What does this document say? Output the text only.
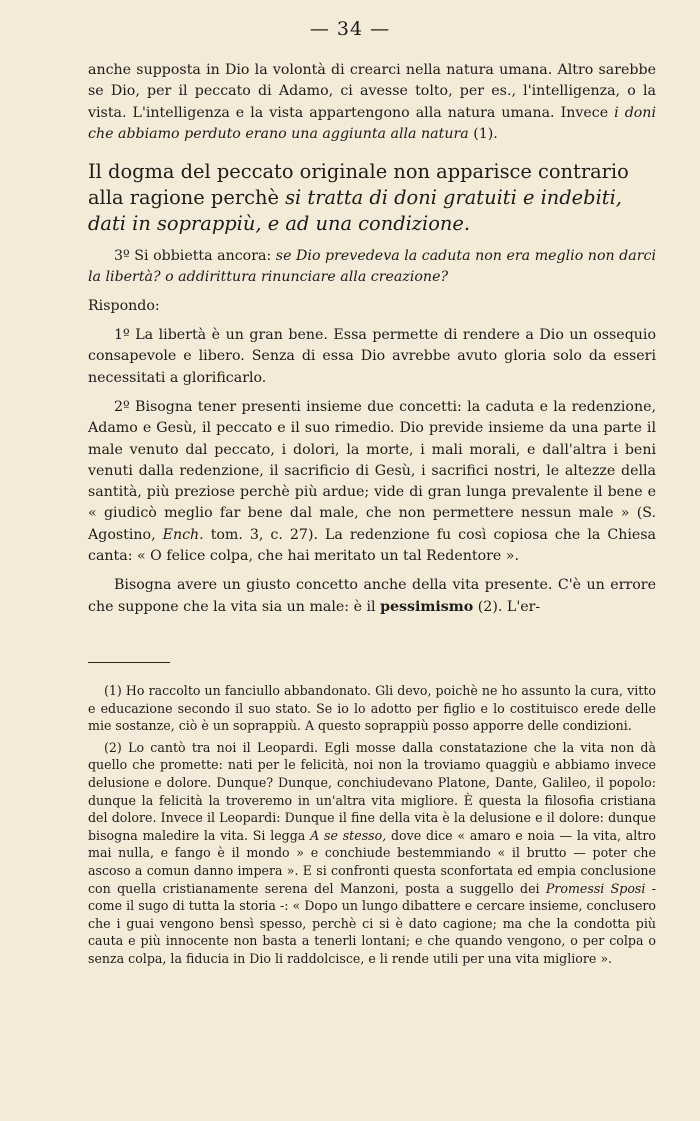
— 34 —

anche supposta in Dio la volontà di crearci nella natura umana. Altro sarebbe se Dio, per il peccato di Adamo, ci avesse tolto, per es., l'intelligenza, o la vista. L'intelligenza e la vista appartengono alla natura umana. Invece i doni che abbiamo perduto erano una aggiunta alla natura (1).

Il dogma del peccato originale non apparisce contrario alla ragione perchè si tratta di doni gratuiti e indebiti, dati in soprappiù, e ad una condizione.

3º Si obbietta ancora: se Dio prevedeva la caduta non era meglio non darci la libertà? o addirittura rinunciare alla creazione?

Rispondo:

1º La libertà è un gran bene. Essa permette di rendere a Dio un ossequio consapevole e libero. Senza di essa Dio avrebbe avuto gloria solo da esseri necessitati a glorificarlo.

2º Bisogna tener presenti insieme due concetti: la caduta e la redenzione, Adamo e Gesù, il peccato e il suo rimedio. Dio previde insieme da una parte il male venuto dal peccato, i dolori, la morte, i mali morali, e dall'altra i beni venuti dalla redenzione, il sacrificio di Gesù, i sacrifici nostri, le altezze della santità, più preziose perchè più ardue; vide di gran lunga prevalente il bene e « giudicò meglio far bene dal male, che non permettere nessun male » (S. Agostino, Ench. tom. 3, c. 27). La redenzione fu così copiosa che la Chiesa canta: « O felice colpa, che hai meritato un tal Redentore ».

Bisogna avere un giusto concetto anche della vita presente. C'è un errore che suppone che la vita sia un male: è il pessimismo (2). L'er-

(1) Ho raccolto un fanciullo abbandonato. Gli devo, poichè ne ho assunto la cura, vitto e educazione secondo il suo stato. Se io lo adotto per figlio e lo costituisco erede delle mie sostanze, ciò è un soprappiù. A questo soprappiù posso apporre delle condizioni.

(2) Lo cantò tra noi il Leopardi. Egli mosse dalla constatazione che la vita non dà quello che promette: nati per le felicità, noi non la troviamo quaggiù e abbiamo invece delusione e dolore. Dunque? Dunque, conchiudevano Platone, Dante, Galileo, il popolo: dunque la felicità la troveremo in un'altra vita migliore. È questa la filosofia cristiana del dolore. Invece il Leopardi: Dunque il fine della vita è la delusione e il dolore: dunque bisogna maledire la vita. Si legga A se stesso, dove dice « amaro e noia — la vita, altro mai nulla, e fango è il mondo » e conchiude bestemmiando « il brutto — poter che ascoso a comun danno impera ». E si confronti questa sconfortata ed empia conclusione con quella cristianamente serena del Manzoni, posta a suggello dei Promessi Sposi - come il sugo di tutta la storia -: « Dopo un lungo dibattere e cercare insieme, conclusero che i guai vengono bensì spesso, perchè ci si è dato cagione; ma che la condotta più cauta e più innocente non basta a tenerli lontani; e che quando vengono, o per colpa o senza colpa, la fiducia in Dio li raddolcisce, e li rende utili per una vita migliore ».
